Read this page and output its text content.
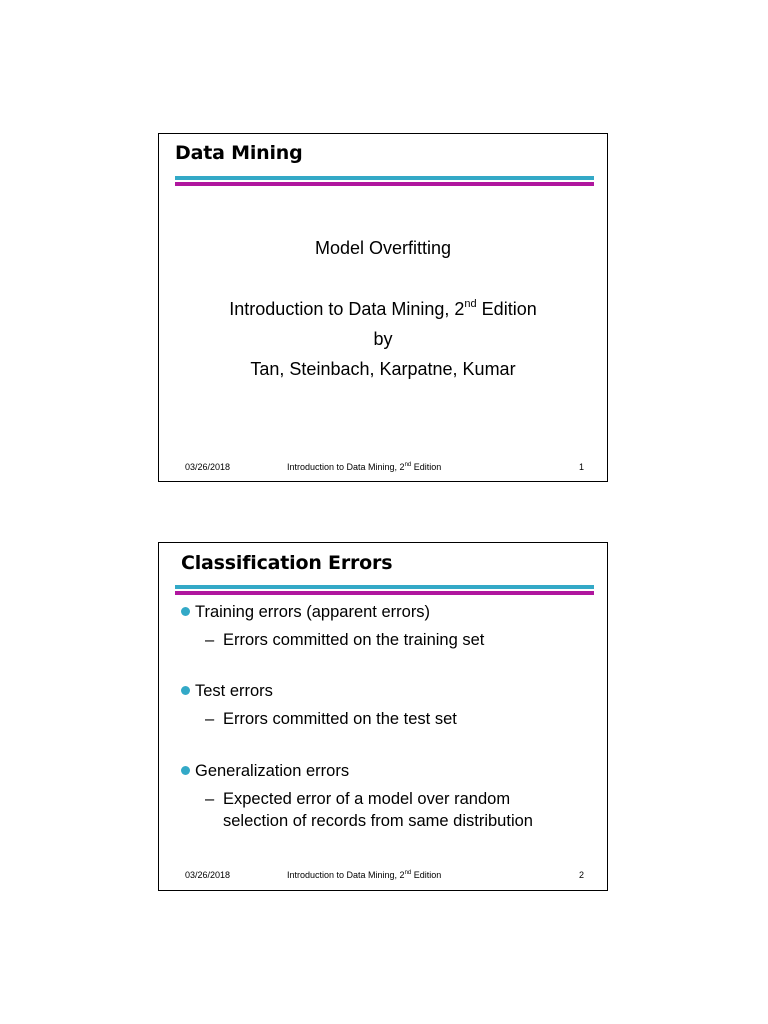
Data Mining
Model Overfitting
Introduction to Data Mining, 2nd Edition
by
Tan, Steinbach, Karpatne, Kumar
03/26/2018	Introduction to Data Mining, 2nd Edition	1
Classification Errors
Training errors (apparent errors)
– Errors committed on the training set
Test errors
– Errors committed on the test set
Generalization errors
– Expected error of a model over random
selection of records from same distribution
03/26/2018	Introduction to Data Mining, 2nd Edition	2
